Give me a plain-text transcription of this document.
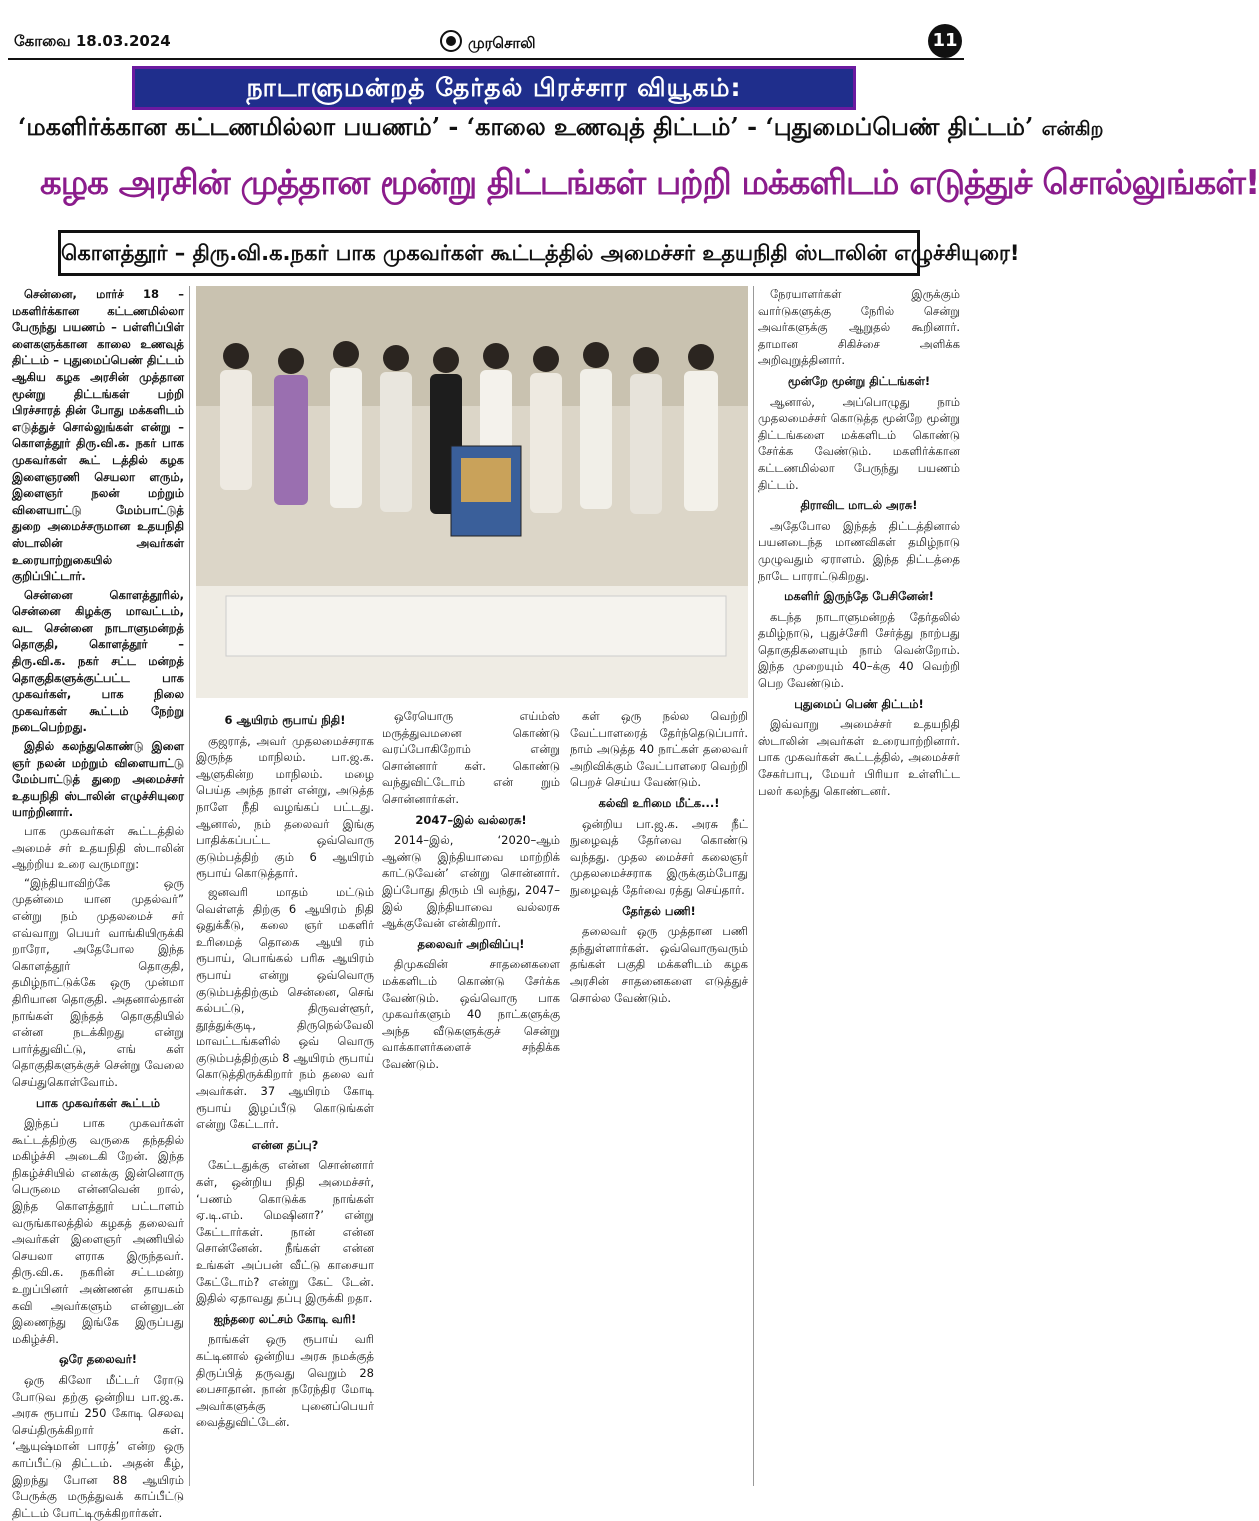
கோவை 18.03.2024	முரசொலி	11
நாடாளுமன்றத் தேர்தல் பிரச்சார வியூகம்:
‘மகளிர்க்கான கட்டணமில்லா பயணம்’ - ‘காலை உணவுத் திட்டம்’ - ‘புதுமைப்பெண் திட்டம்’ என்கிற
கழக அரசின் முத்தான மூன்று திட்டங்கள் பற்றி மக்களிடம் எடுத்துச் சொல்லுங்கள்!
கொளத்தூர் – திரு.வி.க.நகர் பாக முகவர்கள் கூட்டத்தில் அமைச்சர் உதயநிதி ஸ்டாலின் எழுச்சியுரை!

சென்னை, மார்ச் 18 – மகளிர்க்கான கட்டணமில்லா பேருந்து பயணம் – பள்ளிப்பிள் ளைகளுக்கான காலை உணவுத் திட்டம் – புதுமைப்பெண் திட்டம் ஆகிய கழக அரசின் முத்தான மூன்று திட்டங்கள் பற்றி பிரச்சாரத் தின் போது மக்களிடம் எடுத்துச் சொல்லுங்கள் என்று – கொளத்தூர் திரு.வி.க. நகர் பாக முகவர்கள் கூட் டத்தில் கழக இளைஞரணி செயலா ளரும், இளைஞர் நலன் மற்றும் விளையாட்டு மேம்பாட்டுத் துறை அமைச்சருமான உதயநிதி ஸ்டாலின் அவர்கள் உரையாற்றுகையில் குறிப்பிட்டார்.

சென்னை கொளத்தூரில், சென்னை கிழக்கு மாவட்டம், வட சென்னை நாடாளுமன்றத் தொகுதி, கொளத்தூர் – திரு.வி.க. நகர் சட்ட மன்றத் தொகுதிகளுக்குட்பட்ட பாக முகவர்கள், பாக நிலை முகவர்கள் கூட்டம் நேற்று நடைபெற்றது.

இதில் கலந்துகொண்டு இளை ஞர் நலன் மற்றும் விளையாட்டு மேம்பாட்டுத் துறை அமைச்சர் உதயநிதி ஸ்டாலின் எழுச்சியுரை யாற்றினார்.

பாக முகவர்கள் கூட்டத்தில் அமைச் சர் உதயநிதி ஸ்டாலின் ஆற்றிய உரை வருமாறு:

“இந்தியாவிற்கே ஒரு முதன்மை யான முதல்வர்” என்று நம் முதலமைச் சர் எவ்வாறு பெயர் வாங்கியிருக்கி றாரோ, அதேபோல இந்த கொளத்தூர் தொகுதி, தமிழ்நாட்டுக்கே ஒரு முன்மா திரியான தொகுதி. அதனால்தான் நாங்கள் இந்தத் தொகுதியில் என்ன நடக்கிறது என்று பார்த்துவிட்டு, எங் கள் தொகுதிகளுக்குச் சென்று வேலை செய்துகொள்வோம்.

பாக முகவர்கள் கூட்டம்

இந்தப் பாக முகவர்கள் கூட்டத்திற்கு வருகை தந்ததில் மகிழ்ச்சி அடைகி றேன். இந்த நிகழ்ச்சியில் எனக்கு இன்னொரு பெருமை என்னவென் றால், இந்த கொளத்தூர் பட்டாளம் வருங்காலத்தில் கழகத் தலைவர் அவர்கள் இளைஞர் அணியில் செயலா ளராக இருந்தவர். திரு.வி.க. நகரின் சட்டமன்ற உறுப்பினர் அண்ணன் தாயகம் கவி அவர்களும் என்னுடன் இணைந்து இங்கே இருப்பது மகிழ்ச்சி.

ஒரே தலைவர்!

ஒரு கிலோ மீட்டர் ரோடு போடுவ தற்கு ஒன்றிய பா.ஜ.க. அரசு ரூபாய் 250 கோடி செலவு செய்திருக்கிறார் கள். ‘ஆயுஷ்மான் பாரத்’ என்ற ஒரு காப்பீட்டு திட்டம். அதன் கீழ், இறந்து போன 88 ஆயிரம் பேருக்கு மருத்துவக் காப்பீட்டு திட்டம் போட்டிருக்கிறார்கள்.

6 ஆயிரம் ரூபாய் நிதி!

குஜராத், அவர் முதலமைச்சராக இருந்த மாநிலம். பா.ஜ.க. ஆளுகின்ற மாநிலம். மழை பெய்த அந்த நாள் என்று, அடுத்த நாளே நீதி வழங்கப் பட்டது. ஆனால், நம் தலைவர் இங்கு பாதிக்கப்பட்ட ஒவ்வொரு குடும்பத்திற் கும் 6 ஆயிரம் ரூபாய் கொடுத்தார்.

ஜனவரி மாதம் மட்டும் வெள்ளத் திற்கு 6 ஆயிரம் நிதி ஒதுக்கீடு, கலை ஞர் மகளிர் உரிமைத் தொகை ஆயி ரம் ரூபாய், பொங்கல் பரிசு ஆயிரம் ரூபாய் என்று ஒவ்வொரு குடும்பத்திற்கும் சென்னை, செங் கல்பட்டு, திருவள்ளூர், தூத்துக்குடி, திருநெல்வேலி மாவட்டங்களில் ஒவ் வொரு குடும்பத்திற்கும் 8 ஆயிரம் ரூபாய் கொடுத்திருக்கிறார் நம் தலை வர் அவர்கள். 37 ஆயிரம் கோடி ரூபாய் இழப்பீடு கொடுங்கள் என்று கேட்டார்.

என்ன தப்பு?

கேட்டதுக்கு என்ன சொன்னார் கள், ஒன்றிய நிதி அமைச்சர், ‘பணம் கொடுக்க நாங்கள் ஏ.டி.எம். மெஷினா?’ என்று கேட்டார்கள். நான் என்ன சொன்னேன். நீங்கள் என்ன உங்கள் அப்பன் வீட்டு காசையா கேட்டோம்? என்று கேட் டேன். இதில் ஏதாவது தப்பு இருக்கி றதா.

ஐந்தரை லட்சம் கோடி வரி!

நாங்கள் ஒரு ரூபாய் வரி கட்டினால் ஒன்றிய அரசு நமக்குத் திருப்பித் தருவது வெறும் 28 பைசாதான். நான் நரேந்திர மோடி அவர்களுக்கு புனைப்பெயர் வைத்துவிட்டேன்.

ஒரேயொரு எய்ம்ஸ் மருத்துவமனை கொண்டு வரப்போகிறோம் என்று சொன்னார் கள். கொண்டு வந்துவிட்டோம் என் றும் சொன்னார்கள்.

2047–இல் வல்லரசு!

2014–இல், ‘2020–ஆம் ஆண்டு இந்தியாவை மாற்றிக் காட்டுவேன்’ என்று சொன்னார். இப்போது திரும் பி வந்து, 2047–இல் இந்தியாவை வல்லரசு ஆக்குவேன் என்கிறார்.

தலைவர் அறிவிப்பு!

திமுகவின் சாதனைகளை மக்களிடம் கொண்டு சேர்க்க வேண்டும். ஒவ்வொரு பாக முகவர்களும் 40 நாட்களுக்கு அந்த வீடுகளுக்குச் சென்று வாக்காளர்களைச் சந்திக்க வேண்டும்.

கள் ஒரு நல்ல வெற்றி வேட்பாளரைத் தேர்ந்தெடுப்பார். நாம் அடுத்த 40 நாட்கள் தலைவர் அறிவிக்கும் வேட்பாளரை வெற்றி பெறச் செய்ய வேண்டும்.

கல்வி உரிமை மீட்க...!

ஒன்றிய பா.ஜ.க. அரசு நீட் நுழைவுத் தேர்வை கொண்டு வந்தது. முதல மைச்சர் கலைஞர் முதலமைச்சராக இருக்கும்போது நுழைவுத் தேர்வை ரத்து செய்தார்.

தேர்தல் பணி!

தலைவர் ஒரு முத்தான பணி தந்துள்ளார்கள். ஒவ்வொருவரும் தங்கள் பகுதி மக்களிடம் கழக அரசின் சாதனைகளை எடுத்துச் சொல்ல வேண்டும்.

நேரயாளர்கள் இருக்கும் வார்டுகளுக்கு நேரில் சென்று அவர்களுக்கு ஆறுதல் கூறினார். தாமான சிகிச்சை அளிக்க அறிவுறுத்தினார்.

மூன்றே மூன்று திட்டங்கள்!

ஆனால், அப்பொழுது நாம் முதலமைச்சர் கொடுத்த மூன்றே மூன்று திட்டங்களை மக்களிடம் கொண்டு சேர்க்க வேண்டும். மகளிர்க்கான கட்டணமில்லா பேருந்து பயணம் திட்டம்.

திராவிட மாடல் அரசு!

அதேபோல இந்தத் திட்டத்தினால் பயனடைந்த மாணவிகள் தமிழ்நாடு முழுவதும் ஏராளம். இந்த திட்டத்தை நாடே பாராட்டுகிறது.

மகளிர் இருந்தே பேசினேன்!

கடந்த நாடாளுமன்றத் தேர்தலில் தமிழ்நாடு, புதுச்சேரி சேர்த்து நாற்பது தொகுதிகளையும் நாம் வென்றோம். இந்த முறையும் 40–க்கு 40 வெற்றி பெற வேண்டும்.

புதுமைப் பெண் திட்டம்!

இவ்வாறு அமைச்சர் உதயநிதி ஸ்டாலின் அவர்கள் உரையாற்றினார். பாக முகவர்கள் கூட்டத்தில், அமைச்சர் சேகர்பாபு, மேயர் பிரியா உள்ளிட்ட பலர் கலந்து கொண்டனர்.
